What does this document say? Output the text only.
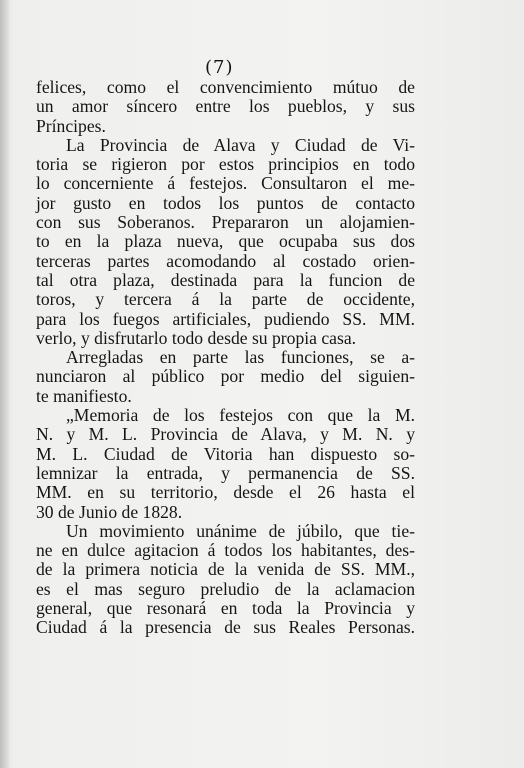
(7)
felices, como el convencimiento mútuo de
un amor síncero entre los pueblos, y sus
Príncipes.
La Provincia de Alava y Ciudad de Vi-
toria se rigieron por estos principios en todo
lo concerniente á festejos. Consultaron el me-
jor gusto en todos los puntos de contacto
con sus Soberanos. Prepararon un alojamien-
to en la plaza nueva, que ocupaba sus dos
terceras partes acomodando al costado orien-
tal otra plaza, destinada para la funcion de
toros, y tercera á la parte de occidente,
para los fuegos artificiales, pudiendo SS. MM.
verlo, y disfrutarlo todo desde su propia casa.
Arregladas en parte las funciones, se a-
nunciaron al público por medio del siguien-
te manifiesto.
„Memoria de los festejos con que la M.
N. y M. L. Provincia de Alava, y M. N. y
M. L. Ciudad de Vitoria han dispuesto so-
lemnizar la entrada, y permanencia de SS.
MM. en su territorio, desde el 26 hasta el
30 de Junio de 1828.
Un movimiento unánime de júbilo, que tie-
ne en dulce agitacion á todos los habitantes, des-
de la primera noticia de la venida de SS. MM.,
es el mas seguro preludio de la aclamacion
general, que resonará en toda la Provincia y
Ciudad á la presencia de sus Reales Personas.
